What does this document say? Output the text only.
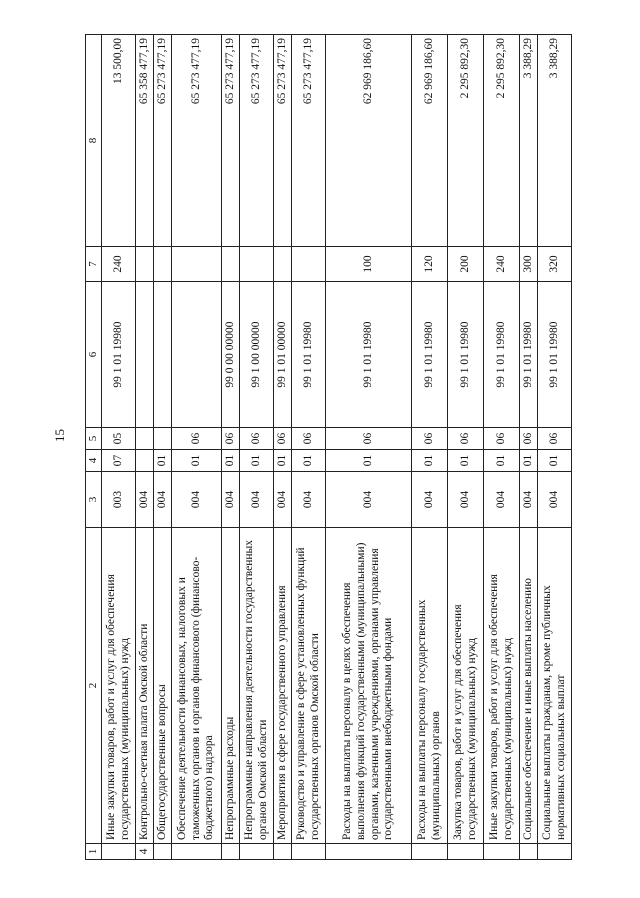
15
1	2	3	4	5	6	7	8
	Иные закупки товаров, работ и услуг для обеспечения государственных (муниципальных) нужд	003	07	05	99 1 01 19980	240	13 500,00
4	Контрольно-счетная палата Омской области	004					65 358 477,19
	Общегосударственные вопросы	004	01				65 273 477,19
	Обеспечение деятельности финансовых, налоговых и таможенных органов и органов финансового (финансово-бюджетного) надзора	004	01	06			65 273 477,19
	Непрограммные расходы	004	01	06	99 0 00 00000		65 273 477,19
	Непрограммные направления деятельности государственных органов Омской области	004	01	06	99 1 00 00000		65 273 477,19
	Мероприятия в сфере государственного управления	004	01	06	99 1 01 00000		65 273 477,19
	Руководство и управление в сфере установленных функций государственных органов Омской области	004	01	06	99 1 01 19980		65 273 477,19
	Расходы на выплаты персоналу в целях обеспечения выполнения функций государственными (муниципальными) органами, казенными учреждениями, органами управления государственными внебюджетными фондами	004	01	06	99 1 01 19980	100	62 969 186,60
	Расходы на выплаты персоналу государственных (муниципальных) органов	004	01	06	99 1 01 19980	120	62 969 186,60
	Закупка товаров, работ и услуг для обеспечения государственных (муниципальных) нужд	004	01	06	99 1 01 19980	200	2 295 892,30
	Иные закупки товаров, работ и услуг для обеспечения государственных (муниципальных) нужд	004	01	06	99 1 01 19980	240	2 295 892,30
	Социальное обеспечение и иные выплаты населению	004	01	06	99 1 01 19980	300	3 388,29
	Социальные выплаты гражданам, кроме публичных нормативных социальных выплат	004	01	06	99 1 01 19980	320	3 388,29
